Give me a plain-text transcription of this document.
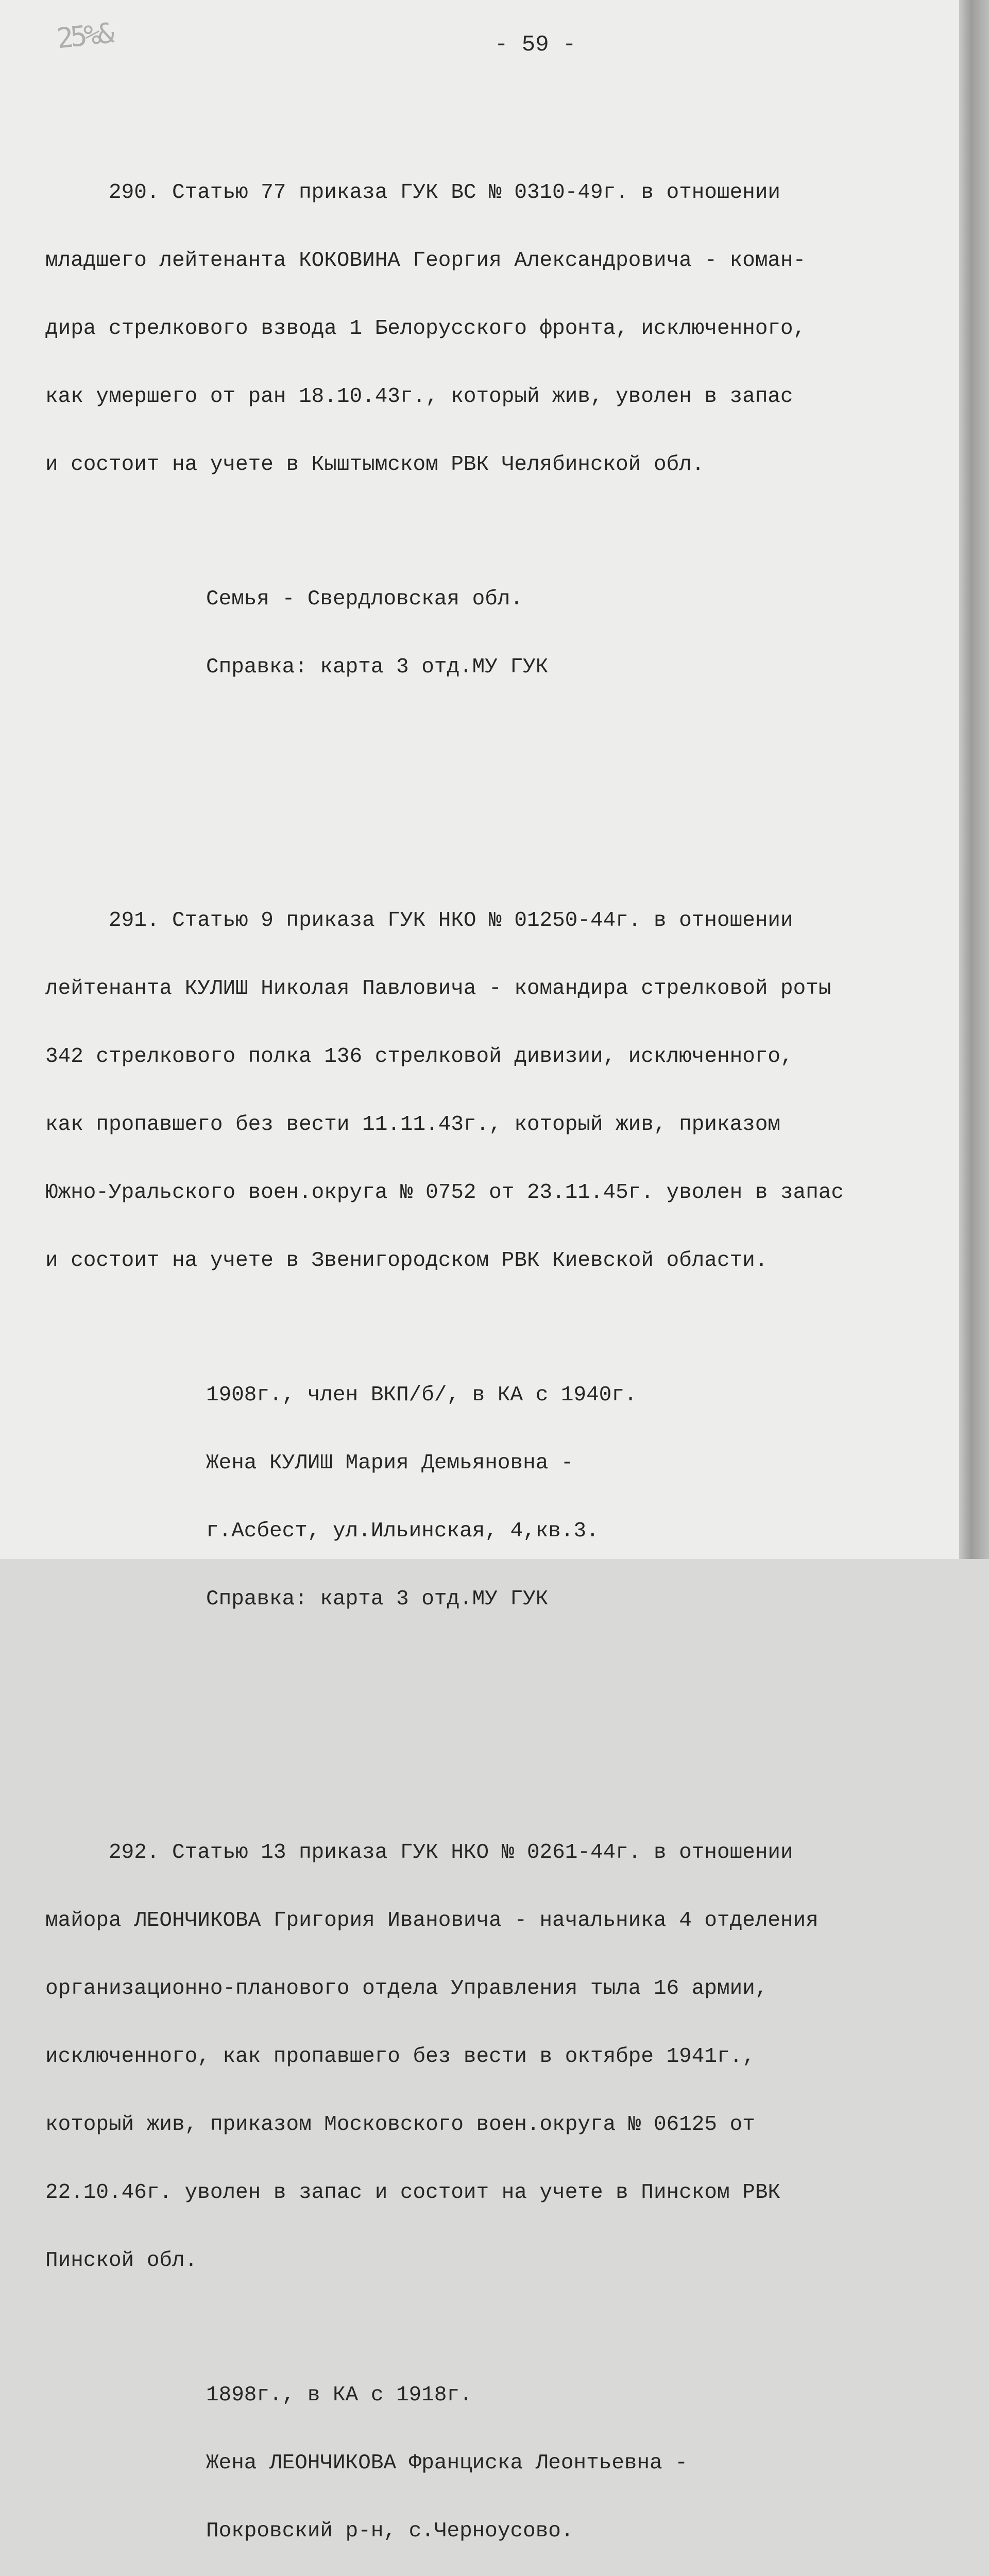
25%&	- 59 -

290. Статью 77 приказа ГУК ВС № 0310-49г. в отношении

младшего лейтенанта КОКОВИНА Георгия Александровича - коман-

дира стрелкового взвода 1 Белорусского фронта, исключенного,

как умершего от ран 18.10.43г., который жив, уволен в запас

и состоит на учете в Кыштымском РВК Челябинской обл.

Семья - Свердловская обл.

Справка: карта 3 отд.МУ ГУК

291. Статью 9 приказа ГУК НКО № 01250-44г. в отношении

лейтенанта КУЛИШ Николая Павловича - командира стрелковой роты

342 стрелкового полка 136 стрелковой дивизии, исключенного,

как пропавшего без вести 11.11.43г., который жив, приказом

Южно-Уральского воен.округа № 0752 от 23.11.45г. уволен в запас

и состоит на учете в Звенигородском РВК Киевской области.

1908г., член ВКП/б/, в КА с 1940г.

Жена КУЛИШ Мария Демьяновна -

г.Асбест, ул.Ильинская, 4,кв.3.

Справка: карта 3 отд.МУ ГУК

292. Статью 13 приказа ГУК НКО № 0261-44г. в отношении

майора ЛЕОНЧИКОВА Григория Ивановича - начальника 4 отделения

организационно-планового отдела Управления тыла 16 армии,

исключенного, как пропавшего без вести в октябре 1941г.,

который жив, приказом Московского воен.округа № 06125 от

22.10.46г. уволен в запас и состоит на учете в Пинском РВК

Пинской обл.

1898г., в КА с 1918г.

Жена ЛЕОНЧИКОВА Франциска Леонтьевна -

Покровский р-н, с.Черноусово.
